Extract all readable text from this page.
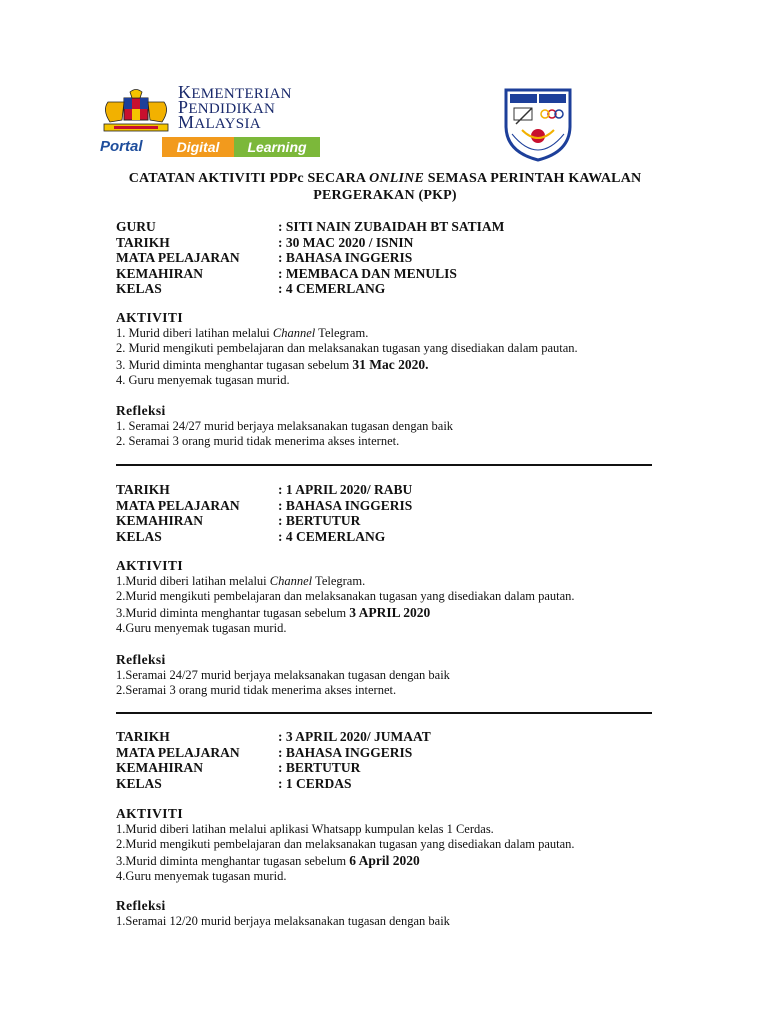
KEMENTERIAN
PENDIDIKAN
MALAYSIA
Portal	Digital	Learning
CATATAN AKTIVITI PDPc SECARA ONLINE SEMASA PERINTAH KAWALAN
PERGERAKAN (PKP)
GURU	: SITI NAIN ZUBAIDAH BT SATIAM
TARIKH	: 30 MAC 2020 / ISNIN
MATA PELAJARAN	: BAHASA INGGERIS
KEMAHIRAN	: MEMBACA DAN MENULIS
KELAS	: 4 CEMERLANG
AKTIVITI
1. Murid diberi latihan melalui Channel Telegram.
2. Murid mengikuti pembelajaran dan melaksanakan tugasan yang disediakan dalam pautan.
3. Murid diminta menghantar tugasan sebelum 31 Mac 2020.
4. Guru menyemak tugasan murid.
Refleksi
1. Seramai 24/27 murid berjaya melaksanakan tugasan dengan baik
2. Seramai 3 orang murid tidak menerima akses internet.
TARIKH	: 1 APRIL 2020/ RABU
MATA PELAJARAN	: BAHASA INGGERIS
KEMAHIRAN	: BERTUTUR
KELAS	: 4 CEMERLANG
AKTIVITI
1.Murid diberi latihan melalui Channel Telegram.
2.Murid mengikuti pembelajaran dan melaksanakan tugasan yang disediakan dalam pautan.
3.Murid diminta menghantar tugasan sebelum 3 APRIL 2020
4.Guru menyemak tugasan murid.
Refleksi
1.Seramai 24/27 murid berjaya melaksanakan tugasan dengan baik
2.Seramai 3 orang murid tidak menerima akses internet.
TARIKH	: 3 APRIL 2020/ JUMAAT
MATA PELAJARAN	: BAHASA INGGERIS
KEMAHIRAN	: BERTUTUR
KELAS	: 1 CERDAS
AKTIVITI
1.Murid diberi latihan melalui aplikasi Whatsapp kumpulan kelas 1 Cerdas.
2.Murid mengikuti pembelajaran dan melaksanakan tugasan yang disediakan dalam pautan.
3.Murid diminta menghantar tugasan sebelum 6 April 2020
4.Guru menyemak tugasan murid.
Refleksi
1.Seramai 12/20 murid berjaya melaksanakan tugasan dengan baik
